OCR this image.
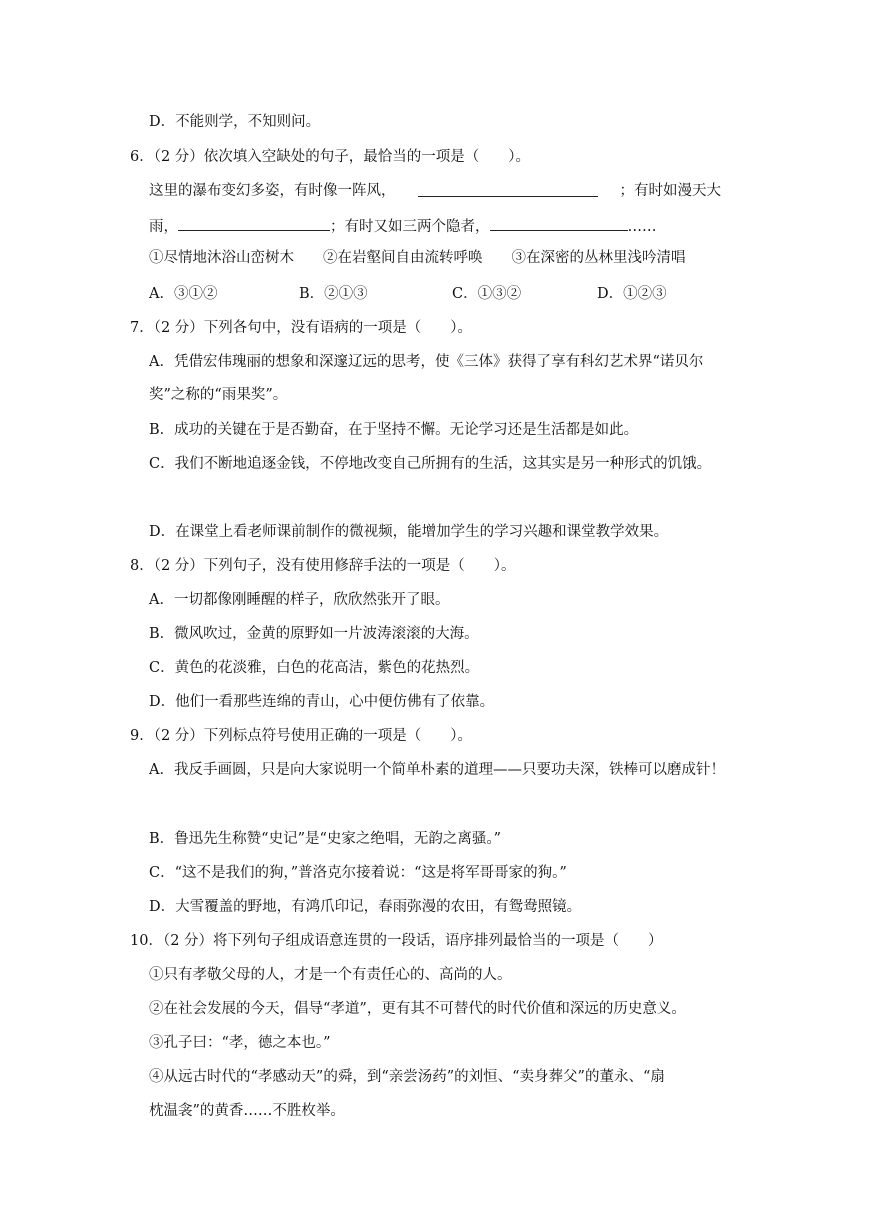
D．不能则学，不知则问。
6．（2 分）依次填入空缺处的句子，最恰当的一项是（　　）。
这里的瀑布变幻多姿，有时像一阵风，	；有时如漫天大
雨，	；有时又如三两个隐者，	……
①尽情地沐浴山峦树木　　②在岩壑间自由流转呼唤　　③在深密的丛林里浅吟清唱
A．③①②	B．②①③	C．①③②	D．①②③
7．（2 分）下列各句中，没有语病的一项是（　　）。
A．凭借宏伟瑰丽的想象和深邃辽远的思考，使《三体》获得了享有科幻艺术界“诺贝尔
奖”之称的“雨果奖”。
B．成功的关键在于是否勤奋，在于坚持不懈。无论学习还是生活都是如此。
C．我们不断地追逐金钱，不停地改变自己所拥有的生活，这其实是另一种形式的饥饿。
D．在课堂上看老师课前制作的微视频，能增加学生的学习兴趣和课堂教学效果。
8．（2 分）下列句子，没有使用修辞手法的一项是（　　）。
A．一切都像刚睡醒的样子，欣欣然张开了眼。
B．微风吹过，金黄的原野如一片波涛滚滚的大海。
C．黄色的花淡雅，白色的花高洁，紫色的花热烈。
D．他们一看那些连绵的青山，心中便仿佛有了依靠。
9．（2 分）下列标点符号使用正确的一项是（　　）。
A．我反手画圆，只是向大家说明一个简单朴素的道理——只要功夫深，铁棒可以磨成针！
B．鲁迅先生称赞“史记”是“史家之绝唱，无韵之离骚。”
C．“这不是我们的狗，”普洛克尔接着说：“这是将军哥哥家的狗。”
D．大雪覆盖的野地，有鸿爪印记，春雨弥漫的农田，有鸳鸯照镜。
10．（2 分）将下列句子组成语意连贯的一段话，语序排列最恰当的一项是（　　）
①只有孝敬父母的人，才是一个有责任心的、高尚的人。
②在社会发展的今天，倡导“孝道”，更有其不可替代的时代价值和深远的历史意义。
③孔子曰：“孝，德之本也。”
④从远古时代的“孝感动天”的舜，到“亲尝汤药”的刘恒、“卖身葬父”的董永、“扇
枕温衾”的黄香……不胜枚举。
